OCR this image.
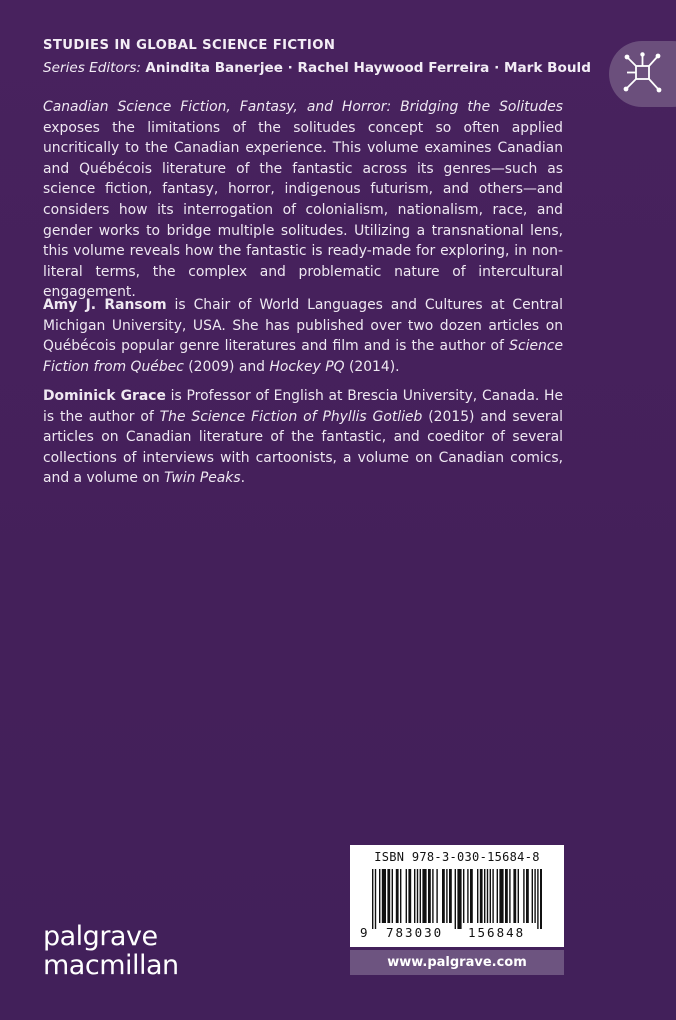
STUDIES IN GLOBAL SCIENCE FICTION
Series Editors: Anindita Banerjee · Rachel Haywood Ferreira · Mark Bould

Canadian Science Fiction, Fantasy, and Horror: Bridging the Solitudes exposes the limitations of the solitudes concept so often applied uncritically to the Canadian experience. This volume examines Canadian and Québécois literature of the fantastic across its genres—such as science fiction, fantasy, horror, indigenous futurism, and others—and considers how its interrogation of colonialism, nationalism, race, and gender works to bridge multiple solitudes. Utilizing a transnational lens, this volume reveals how the fantastic is ready-made for exploring, in non-literal terms, the complex and problematic nature of intercultural engagement.

Amy J. Ransom is Chair of World Languages and Cultures at Central Michigan University, USA. She has published over two dozen articles on Québécois popular genre literatures and film and is the author of Science Fiction from Québec (2009) and Hockey PQ (2014).

Dominick Grace is Professor of English at Brescia University, Canada. He is the author of The Science Fiction of Phyllis Gotlieb (2015) and several articles on Canadian literature of the fantastic, and coeditor of several collections of interviews with cartoonists, a volume on Canadian comics, and a volume on Twin Peaks.

ISBN 978-3-030-15684-8
9 783030 156848
www.palgrave.com
palgrave
macmillan
